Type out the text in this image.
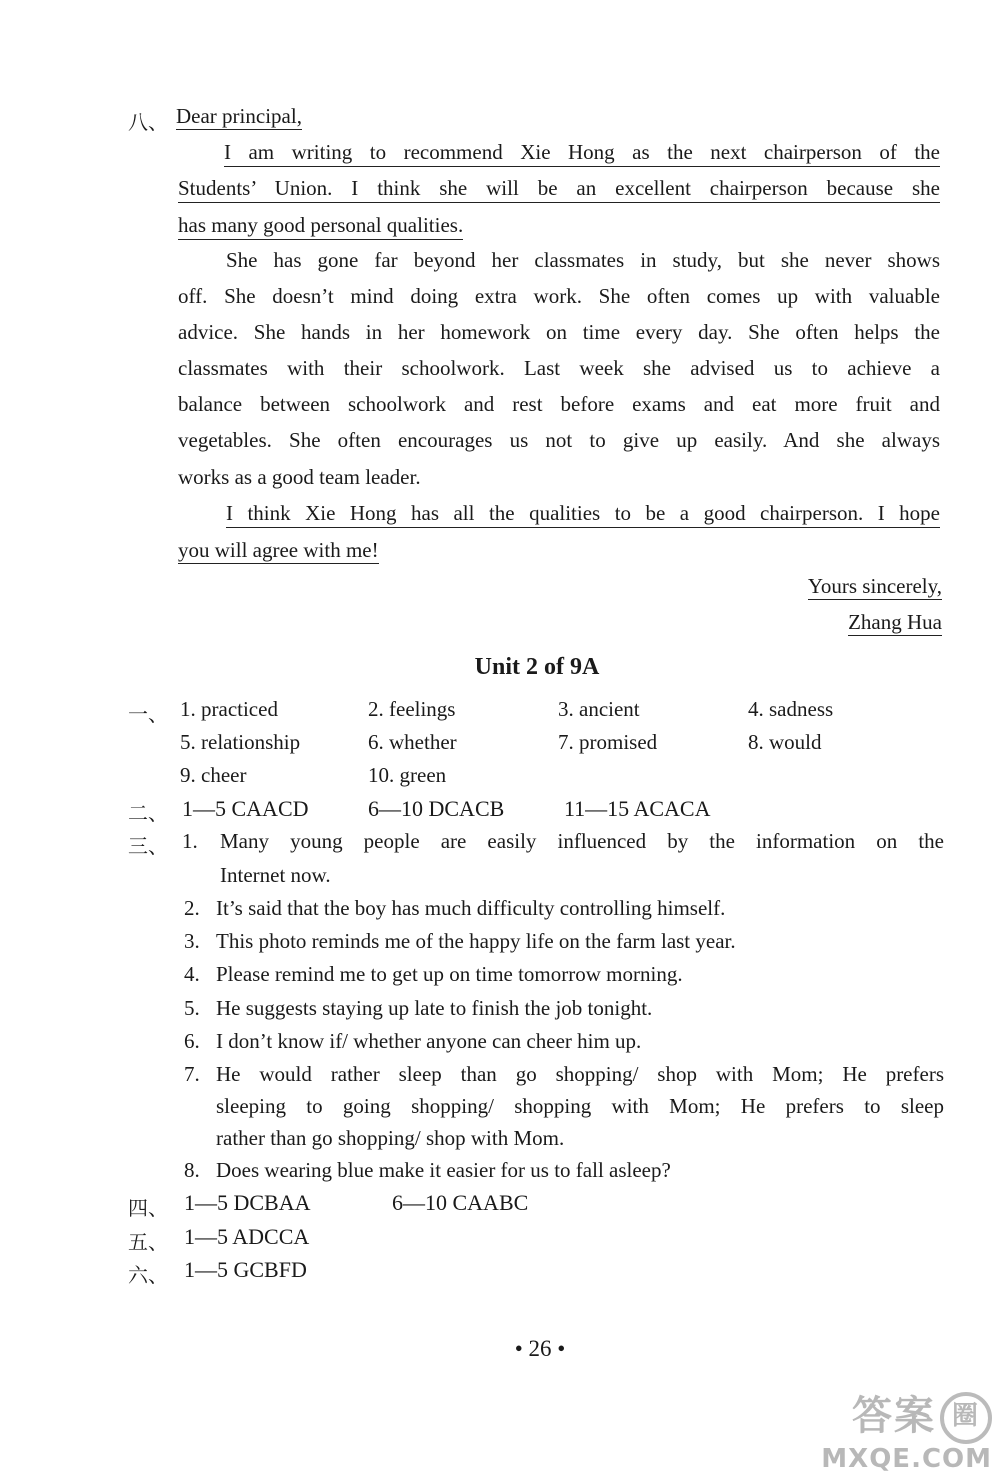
八、 Dear principal,
I am writing to recommend Xie Hong as the next chairperson of the
Students’ Union. I think she will be an excellent chairperson because she
has many good personal qualities.
She has gone far beyond her classmates in study, but she never shows
off. She doesn’t mind doing extra work. She often comes up with valuable
advice. She hands in her homework on time every day. She often helps the
classmates with their schoolwork. Last week she advised us to achieve a
balance between schoolwork and rest before exams and eat more fruit and
vegetables. She often encourages us not to give up easily. And she always
works as a good team leader.
I think Xie Hong has all the qualities to be a good chairperson. I hope
you will agree with me!
Yours sincerely,
Zhang Hua
Unit 2 of 9A
一、 1. practiced	2. feelings	3. ancient	4. sadness
5. relationship	6. whether	7. promised	8. would
9. cheer	10. green
二、 1—5 CAACD	6—10 DCACB	11—15 ACACA
三、 1. Many young people are easily influenced by the information on the
Internet now.
2. It’s said that the boy has much difficulty controlling himself.
3. This photo reminds me of the happy life on the farm last year.
4. Please remind me to get up on time tomorrow morning.
5. He suggests staying up late to finish the job tonight.
6. I don’t know if/ whether anyone can cheer him up.
7. He would rather sleep than go shopping/ shop with Mom; He prefers
sleeping to going shopping/ shopping with Mom; He prefers to sleep
rather than go shopping/ shop with Mom.
8. Does wearing blue make it easier for us to fall asleep?
四、 1—5 DCBAA	6—10 CAABC
五、 1—5 ADCCA
六、 1—5 GCBFD
• 26 •
答案 圈
MXQE.COM
